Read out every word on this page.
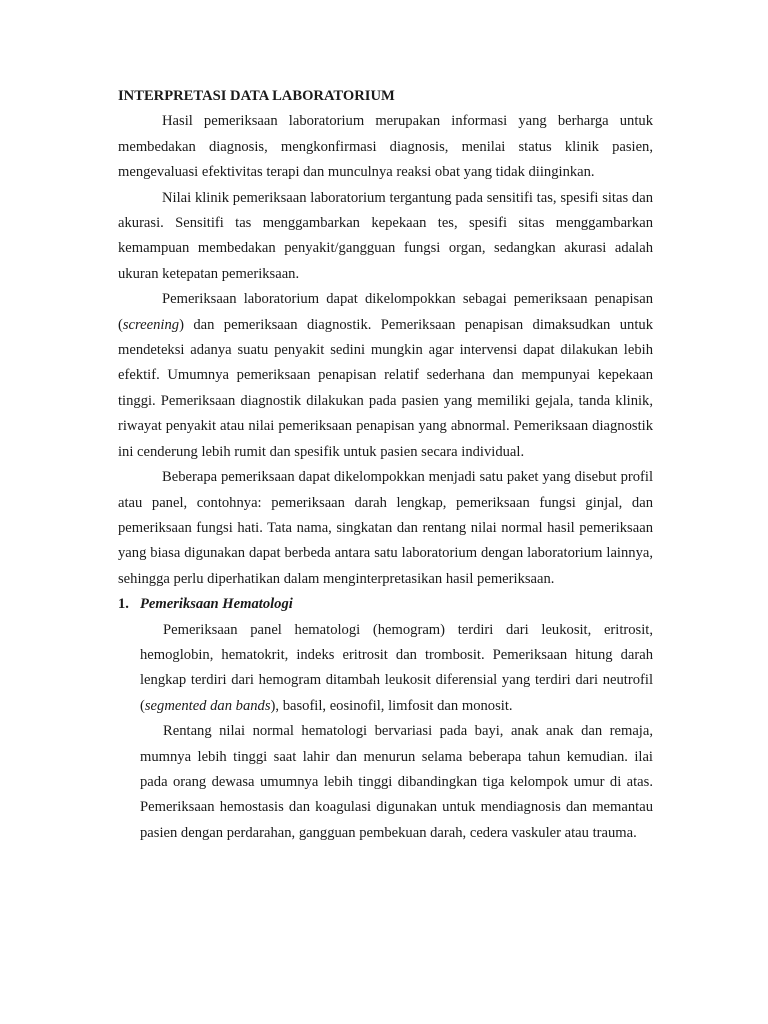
INTERPRETASI DATA LABORATORIUM

Hasil pemeriksaan laboratorium merupakan informasi yang berharga untuk membedakan diagnosis, mengkonfirmasi diagnosis, menilai status klinik pasien, mengevaluasi efektivitas terapi dan munculnya reaksi obat yang tidak diinginkan.

Nilai klinik pemeriksaan laboratorium tergantung pada sensitifi tas, spesifi sitas dan akurasi. Sensitifi tas menggambarkan kepekaan tes, spesifi sitas menggambarkan kemampuan membedakan penyakit/gangguan fungsi organ, sedangkan akurasi adalah ukuran ketepatan pemeriksaan.

Pemeriksaan laboratorium dapat dikelompokkan sebagai pemeriksaan penapisan (screening) dan pemeriksaan diagnostik. Pemeriksaan penapisan dimaksudkan untuk mendeteksi adanya suatu penyakit sedini mungkin agar intervensi dapat dilakukan lebih efektif. Umumnya pemeriksaan penapisan relatif sederhana dan mempunyai kepekaan tinggi. Pemeriksaan diagnostik dilakukan pada pasien yang memiliki gejala, tanda klinik, riwayat penyakit atau nilai pemeriksaan penapisan yang abnormal. Pemeriksaan diagnostik ini cenderung lebih rumit dan spesifik untuk pasien secara individual.

Beberapa pemeriksaan dapat dikelompokkan menjadi satu paket yang disebut profil atau panel, contohnya: pemeriksaan darah lengkap, pemeriksaan fungsi ginjal, dan pemeriksaan fungsi hati. Tata nama, singkatan dan rentang nilai normal hasil pemeriksaan yang biasa digunakan dapat berbeda antara satu laboratorium dengan laboratorium lainnya, sehingga perlu diperhatikan dalam menginterpretasikan hasil pemeriksaan.

1. Pemeriksaan Hematologi

Pemeriksaan panel hematologi (hemogram) terdiri dari leukosit, eritrosit, hemoglobin, hematokrit, indeks eritrosit dan trombosit. Pemeriksaan hitung darah lengkap terdiri dari hemogram ditambah leukosit diferensial yang terdiri dari neutrofil (segmented dan bands), basofil, eosinofil, limfosit dan monosit.

Rentang nilai normal hematologi bervariasi pada bayi, anak anak dan remaja, mumnya lebih tinggi saat lahir dan menurun selama beberapa tahun kemudian. ilai pada orang dewasa umumnya lebih tinggi dibandingkan tiga kelompok umur di atas. Pemeriksaan hemostasis dan koagulasi digunakan untuk mendiagnosis dan memantau pasien dengan perdarahan, gangguan pembekuan darah, cedera vaskuler atau trauma.
